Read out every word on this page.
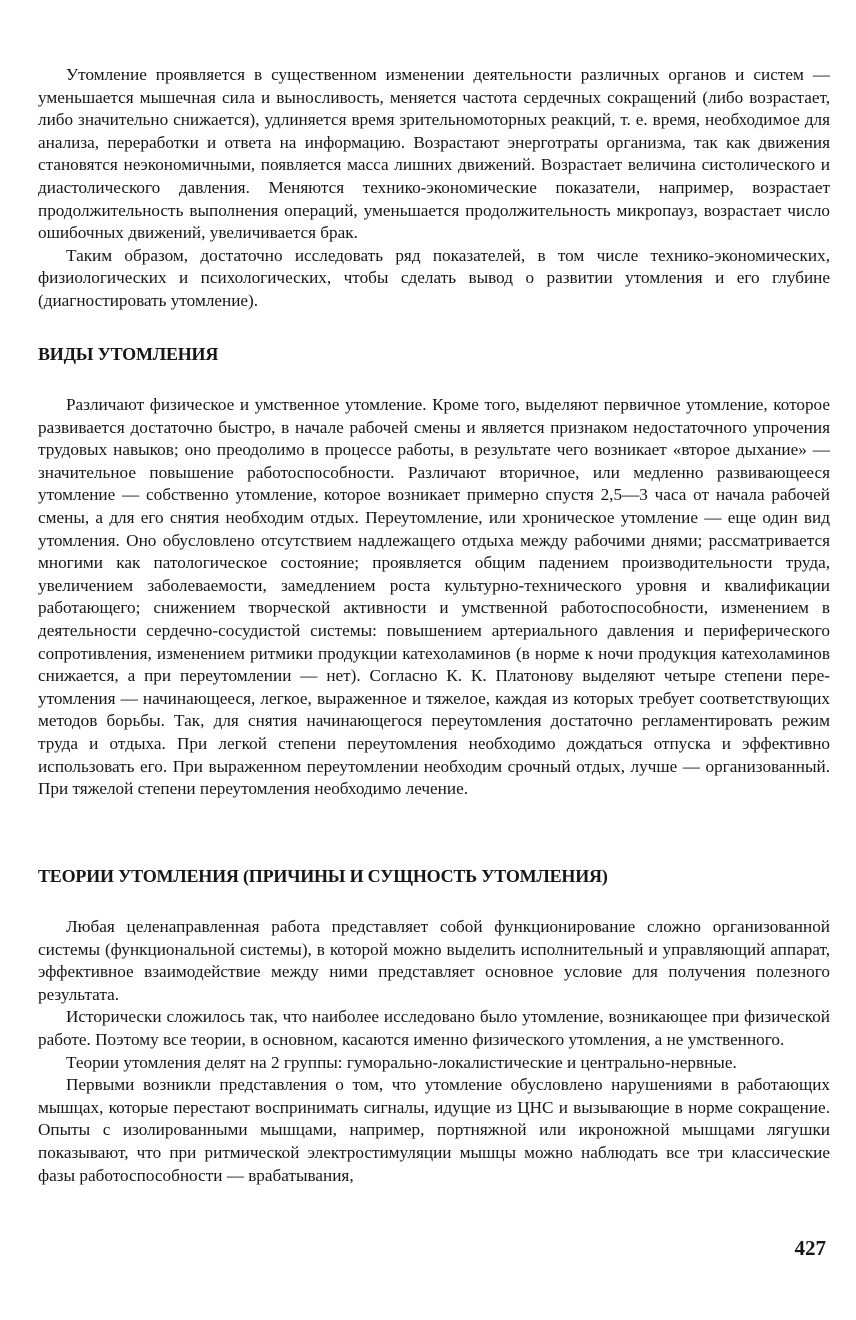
Утомление проявляется в существенном изменении деятельности различных органов и систем — уменьшается мышечная сила и выносливость, меняется частота сердечных сокращений (либо возрастает, либо значительно снижается), удлиняется время зрительномоторных реакций, т. е. время, необходимое для анализа, переработки и ответа на информацию. Возрастают энерготраты организма, так как движения становятся неэкономичными, появляется масса лишних движений. Возрастает величина систолического и диастолического давления. Меняются технико-экономические показатели, например, возрастает продолжительность выполнения операций, уменьшается продолжительность микропауз, возрастает число ошибочных движений, увеличивается брак.

Таким образом, достаточно исследовать ряд показателей, в том числе технико-экономических, физиологических и психологических, чтобы сделать вывод о развитии утомления и его глубине (диагностировать утомление).

ВИДЫ УТОМЛЕНИЯ

Различают физическое и умственное утомление. Кроме того, выделяют первичное утомление, которое развивается достаточно быстро, в начале рабочей смены и является признаком недостаточного упрочения трудовых навыков; оно преодолимо в процессе работы, в результате чего возникает «второе дыхание» — значительное повышение работоспособности. Различают вторичное, или медленно развивающееся утомление — собственно утомление, которое возникает примерно спустя 2,5—3 часа от начала рабочей смены, а для его снятия необходим отдых. Переутомление, или хроническое утомление — еще один вид утомления. Оно обусловлено отсутствием надлежащего отдыха между рабочими днями; рассматривается многими как патологическое состояние; проявляется общим падением производительности труда, увеличением заболеваемости, замедлением роста культурно-технического уровня и квалификации работающего; снижением творческой активности и умственной работоспособности, изменением в деятельности сердечно-сосудистой системы: повышением артериального давления и периферического сопротивления, изменением ритмики продукции катехоламинов (в норме к ночи продукция катехоламинов снижается, а при переутомлении — нет). Согласно К. К. Платонову выделяют четыре степени переутомления — начинающееся, легкое, выраженное и тяжелое, каждая из которых требует соответствующих методов борьбы. Так, для снятия начинающегося переутомления достаточно регламентировать режим труда и отдыха. При легкой степени переутомления необходимо дождаться отпуска и эффективно использовать его. При выраженном переутомлении необходим срочный отдых, лучше — организованный. При тяжелой степени переутомления необходимо лечение.

ТЕОРИИ УТОМЛЕНИЯ (ПРИЧИНЫ И СУЩНОСТЬ УТОМЛЕНИЯ)

Любая целенаправленная работа представляет собой функционирование сложно организованной системы (функциональной системы), в которой можно выделить исполнительный и управляющий аппарат, эффективное взаимодействие между ними представляет основное условие для получения полезного результата.

Исторически сложилось так, что наиболее исследовано было утомление, возникающее при физической работе. Поэтому все теории, в основном, касаются именно физического утомления, а не умственного.

Теории утомления делят на 2 группы: гуморально-локалистические и центрально-нервные.

Первыми возникли представления о том, что утомление обусловлено нарушениями в работающих мышцах, которые перестают воспринимать сигналы, идущие из ЦНС и вызывающие в норме сокращение. Опыты с изолированными мышцами, например, портняжной или икроножной мышцами лягушки показывают, что при ритмической электростимуляции мышцы можно наблюдать все три классические фазы работоспособности — врабатывания,

427
